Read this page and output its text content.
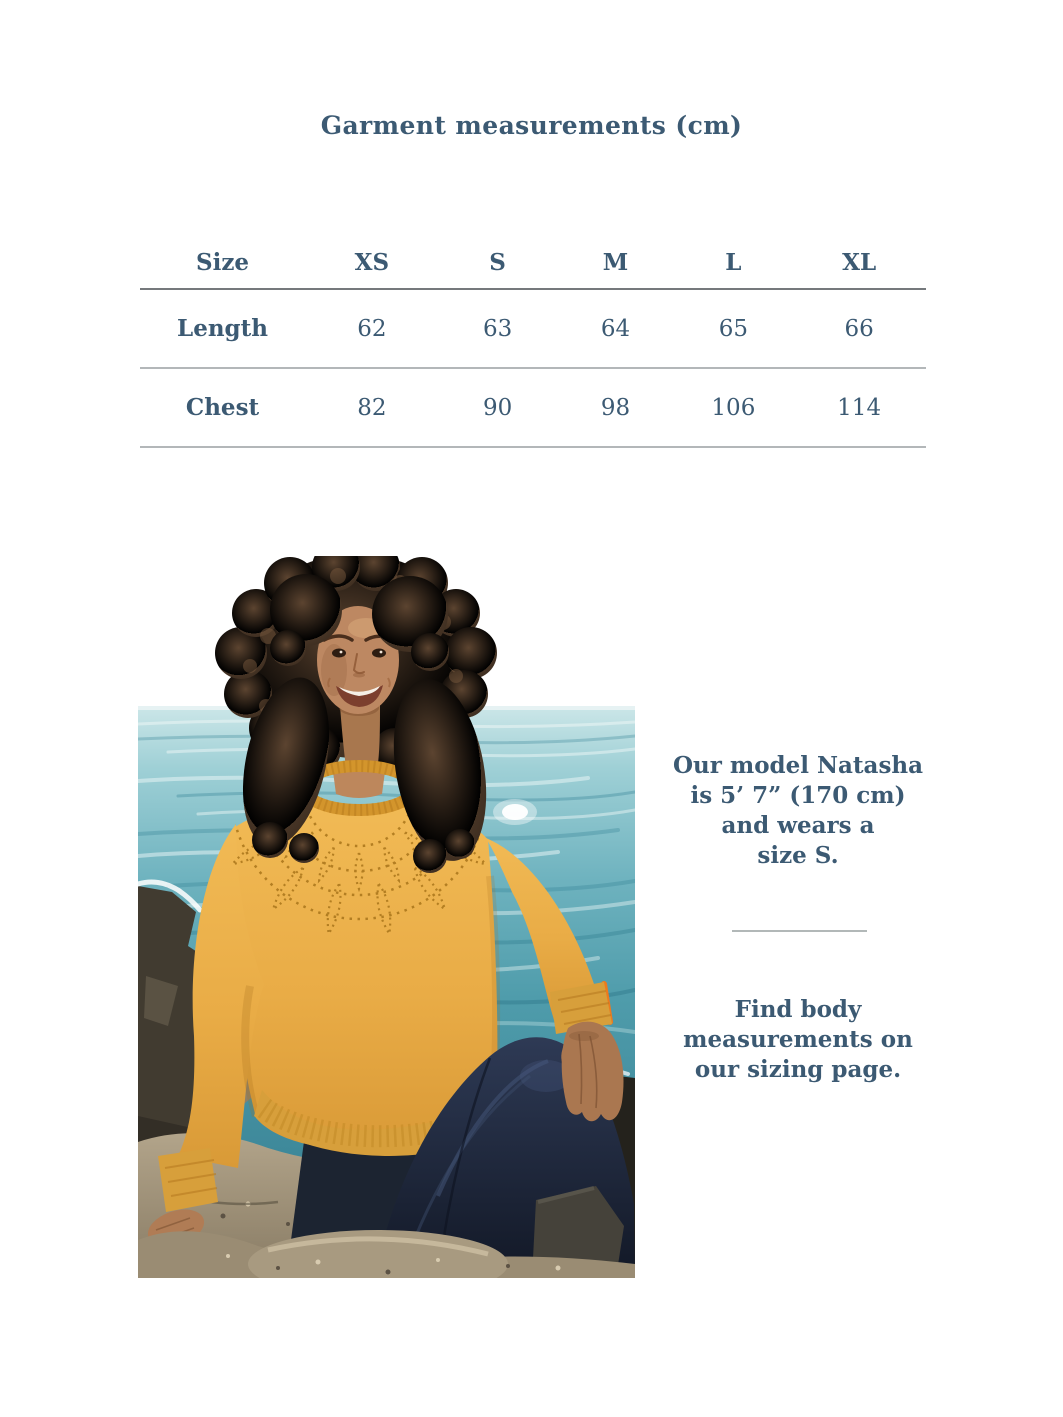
Garment measurements (cm)
Size	XS	S	M	L	XL
Length	62	63	64	65	66
Chest	82	90	98	106	114
Our model Natasha
is 5’ 7” (170 cm)
and wears a
size S.
Find body
measurements on
our sizing page.
